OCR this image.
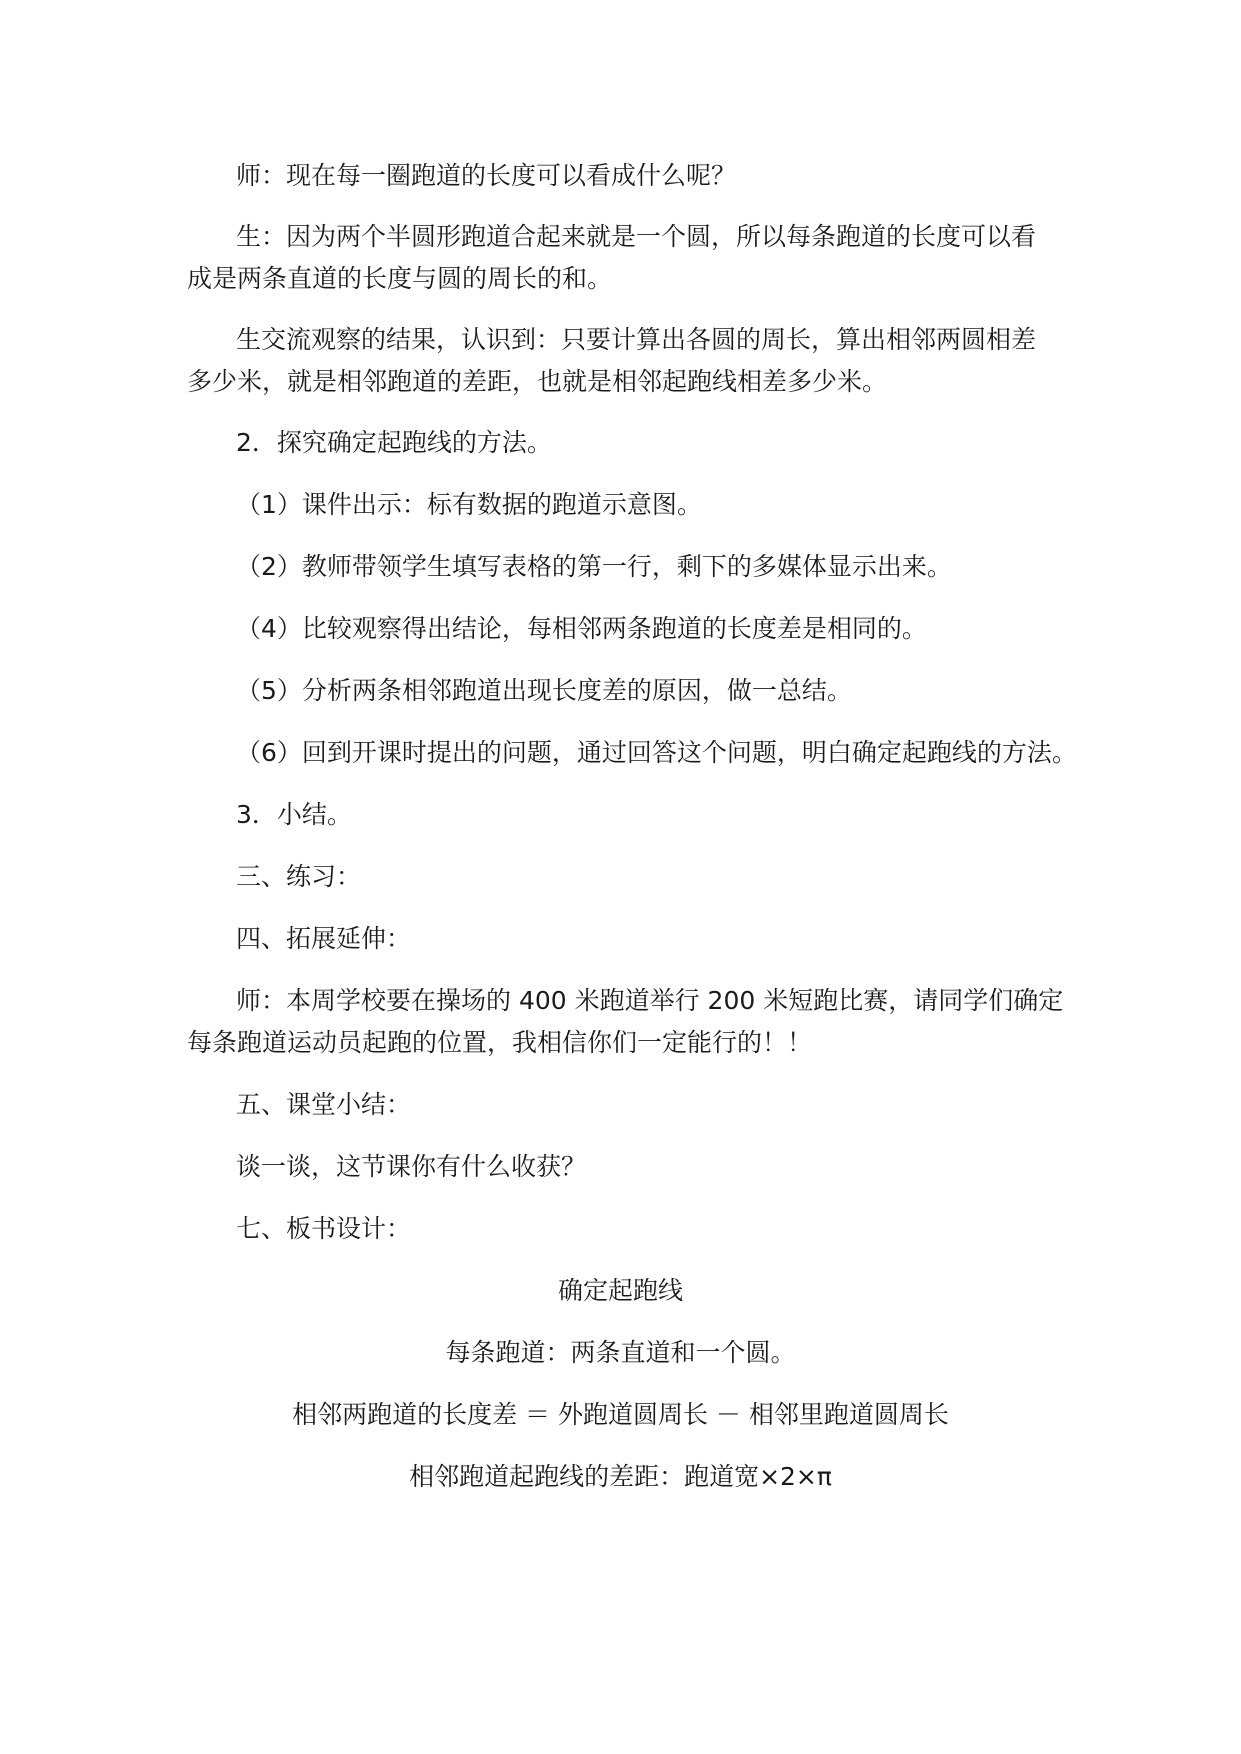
师：现在每一圈跑道的长度可以看成什么呢？

生：因为两个半圆形跑道合起来就是一个圆，所以每条跑道的长度可以看

成是两条直道的长度与圆的周长的和。

生交流观察的结果，认识到：只要计算出各圆的周长，算出相邻两圆相差

多少米，就是相邻跑道的差距，也就是相邻起跑线相差多少米。

2．探究确定起跑线的方法。

（1）课件出示：标有数据的跑道示意图。

（2）教师带领学生填写表格的第一行，剩下的多媒体显示出来。

（4）比较观察得出结论，每相邻两条跑道的长度差是相同的。

（5）分析两条相邻跑道出现长度差的原因，做一总结。

（6）回到开课时提出的问题，通过回答这个问题，明白确定起跑线的方法。

3．小结。

三、练习：

四、拓展延伸：

师：本周学校要在操场的 400 米跑道举行 200 米短跑比赛，请同学们确定

每条跑道运动员起跑的位置，我相信你们一定能行的！！

五、课堂小结：

谈一谈，这节课你有什么收获？

七、板书设计：

确定起跑线

每条跑道：两条直道和一个圆。

相邻两跑道的长度差 ＝ 外跑道圆周长 － 相邻里跑道圆周长

相邻跑道起跑线的差距：跑道宽×2×π
